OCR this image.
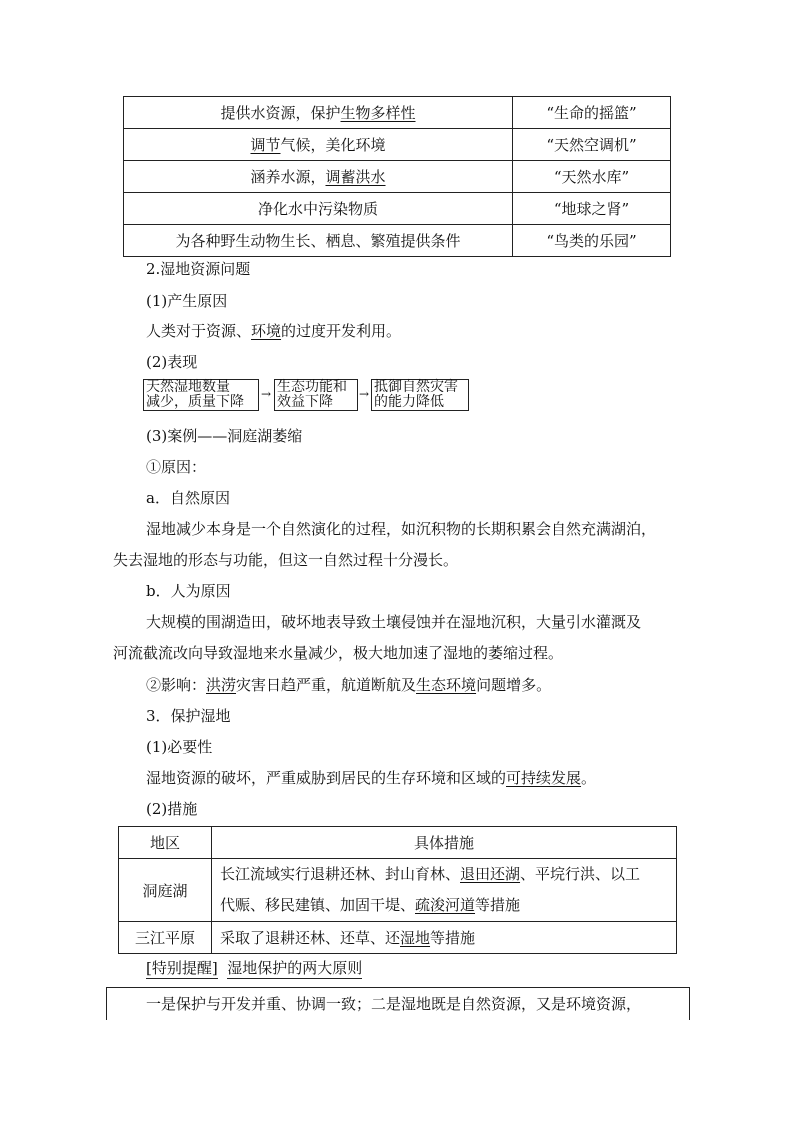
提供水资源，保护生物多样性	“生命的摇篮”
调节气候，美化环境	“天然空调机”
涵养水源，调蓄洪水	“天然水库”
净化水中污染物质	“地球之肾”
为各种野生动物生长、栖息、繁殖提供条件	“鸟类的乐园”
2.湿地资源问题
(1)产生原因
人类对于资源、环境的过度开发利用。
(2)表现
天然湿地数量
减少，质量下降	→ 生态功能和
效益下降	→ 抵御自然灾害
的能力降低
(3)案例——洞庭湖萎缩
①原因：
a．自然原因
湿地减少本身是一个自然演化的过程，如沉积物的长期积累会自然充满湖泊，
失去湿地的形态与功能，但这一自然过程十分漫长。
b．人为原因
大规模的围湖造田，破坏地表导致土壤侵蚀并在湿地沉积，大量引水灌溉及
河流截流改向导致湿地来水量减少，极大地加速了湿地的萎缩过程。
②影响：洪涝灾害日趋严重，航道断航及生态环境问题增多。
3．保护湿地
(1)必要性
湿地资源的破坏，严重威胁到居民的生存环境和区域的可持续发展。
(2)措施
地区	具体措施
洞庭湖	长江流域实行退耕还林、封山育林、退田还湖、平垸行洪、以工
代赈、移民建镇、加固干堤、疏浚河道等措施
三江平原	采取了退耕还林、还草、还湿地等措施
[特别提醒] 湿地保护的两大原则
一是保护与开发并重、协调一致；二是湿地既是自然资源，又是环境资源，
